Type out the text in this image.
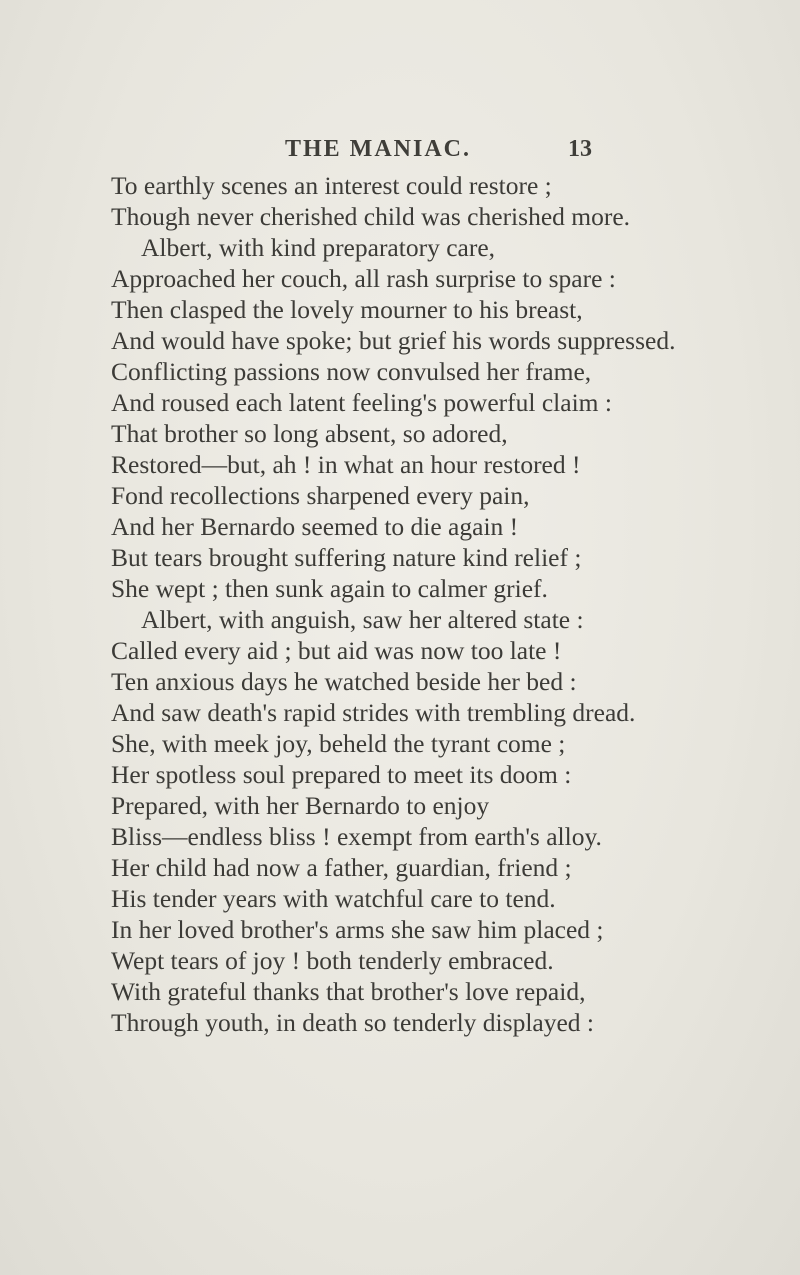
THE MANIAC.	13
To earthly scenes an interest could restore ;
Though never cherished child was cherished more.
Albert, with kind preparatory care,
Approached her couch, all rash surprise to spare :
Then clasped the lovely mourner to his breast,
And would have spoke; but grief his words suppressed.
Conflicting passions now convulsed her frame,
And roused each latent feeling's powerful claim :
That brother so long absent, so adored,
Restored—but, ah ! in what an hour restored !
Fond recollections sharpened every pain,
And her Bernardo seemed to die again !
But tears brought suffering nature kind relief ;
She wept ; then sunk again to calmer grief.
Albert, with anguish, saw her altered state :
Called every aid ; but aid was now too late !
Ten anxious days he watched beside her bed :
And saw death's rapid strides with trembling dread.
She, with meek joy, beheld the tyrant come ;
Her spotless soul prepared to meet its doom :
Prepared, with her Bernardo to enjoy
Bliss—endless bliss ! exempt from earth's alloy.
Her child had now a father, guardian, friend ;
His tender years with watchful care to tend.
In her loved brother's arms she saw him placed ;
Wept tears of joy ! both tenderly embraced.
With grateful thanks that brother's love repaid,
Through youth, in death so tenderly displayed :
